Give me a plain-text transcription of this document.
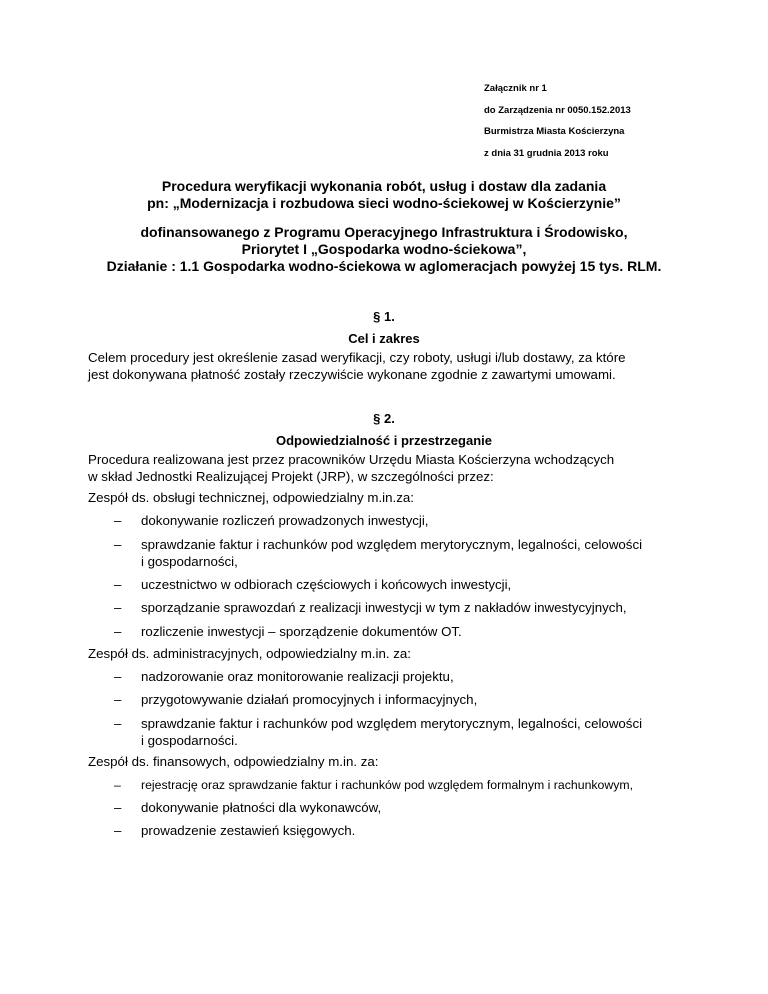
Załącznik nr 1
do Zarządzenia nr 0050.152.2013
Burmistrza Miasta Kościerzyna
z dnia 31 grudnia 2013 roku
Procedura weryfikacji wykonania robót, usług i dostaw dla zadania
pn: „Modernizacja i rozbudowa sieci wodno-ściekowej w Kościerzynie”
dofinansowanego z Programu Operacyjnego Infrastruktura i Środowisko,
Priorytet I „Gospodarka wodno-ściekowa”,
Działanie : 1.1 Gospodarka wodno-ściekowa w aglomeracjach powyżej 15 tys. RLM.
§ 1.
Cel i zakres
Celem procedury jest określenie zasad weryfikacji, czy roboty, usługi i/lub dostawy, za które
jest dokonywana płatność zostały rzeczywiście wykonane zgodnie z zawartymi umowami.
§ 2.
Odpowiedzialność i przestrzeganie
Procedura realizowana jest przez pracowników Urzędu Miasta Kościerzyna wchodzących
w skład Jednostki Realizującej Projekt (JRP), w szczególności przez:
Zespół ds. obsługi technicznej, odpowiedzialny m.in.za:
– dokonywanie rozliczeń prowadzonych inwestycji,
– sprawdzanie faktur i rachunków pod względem merytorycznym, legalności, celowości
i gospodarności,
– uczestnictwo w odbiorach częściowych i końcowych inwestycji,
– sporządzanie sprawozdań z realizacji inwestycji w tym z nakładów inwestycyjnych,
– rozliczenie inwestycji – sporządzenie dokumentów OT.
Zespół ds. administracyjnych, odpowiedzialny m.in. za:
– nadzorowanie oraz monitorowanie realizacji projektu,
– przygotowywanie działań promocyjnych i informacyjnych,
– sprawdzanie faktur i rachunków pod względem merytorycznym, legalności, celowości
i gospodarności.
Zespół ds. finansowych, odpowiedzialny m.in. za:
– rejestrację oraz sprawdzanie faktur i rachunków pod względem formalnym i rachunkowym,
– dokonywanie płatności dla wykonawców,
– prowadzenie zestawień księgowych.
